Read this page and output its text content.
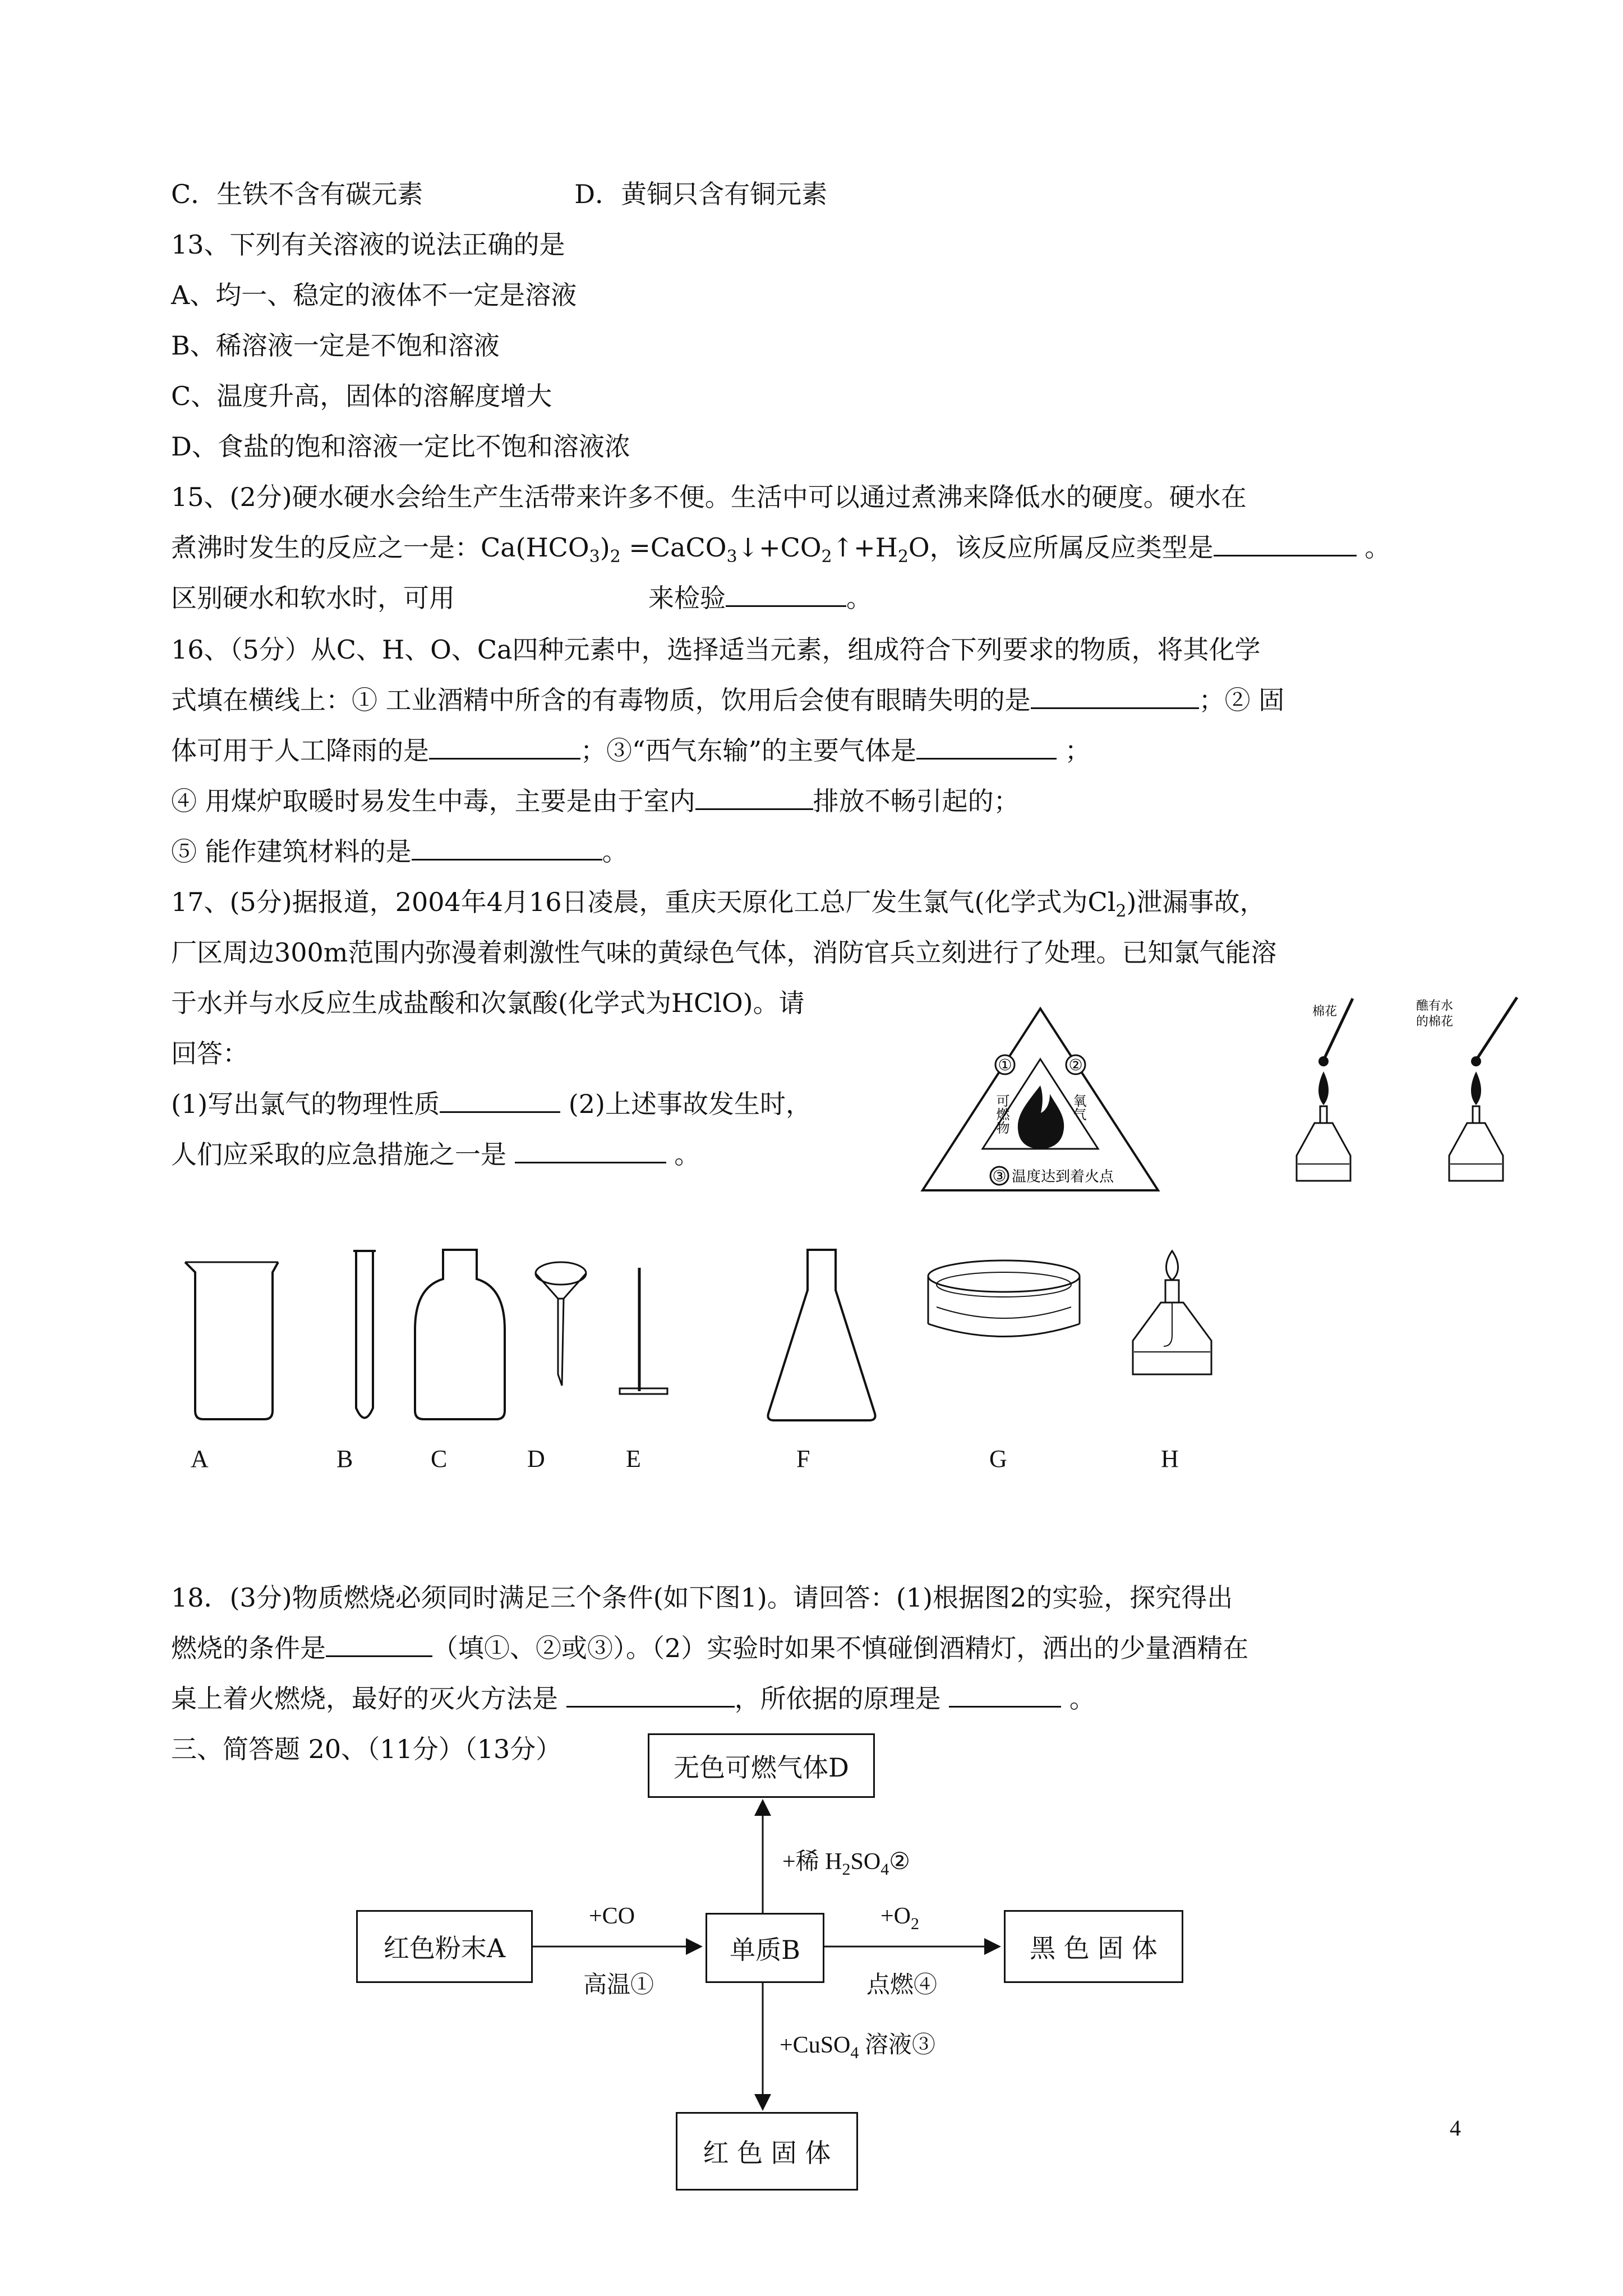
C．生铁不含有碳元素	D．黄铜只含有铜元素
13、下列有关溶液的说法正确的是
A、均一、稳定的液体不一定是溶液
B、稀溶液一定是不饱和溶液
C、温度升高，固体的溶解度增大
D、食盐的饱和溶液一定比不饱和溶液浓
15、(2分)硬水硬水会给生产生活带来许多不便。生活中可以通过煮沸来降低水的硬度。硬水在
煮沸时发生的反应之一是：$Ca(HCO_3)_2$ $=CaCO_3↓+CO_2↑+H_2O$，该反应所属反应类型是	。
区别硬水和软水时，可用	来检验	。
16、（5分）从C、H、O、Ca四种元素中，选择适当元素，组成符合下列要求的物质，将其化学
式填在横线上：① 工业酒精中所含的有毒物质，饮用后会使有眼睛失明的是	；② 固
体可用于人工降雨的是	；③“西气东输”的主要气体是	；
④ 用煤炉取暖时易发生中毒，主要是由于室内	排放不畅引起的；
⑤ 能作建筑材料的是	。
17、(5分)据报道，2004年4月16日凌晨，重庆天原化工总厂发生氯气(化学式为$Cl_2$)泄漏事故，
厂区周边300m范围内弥漫着刺激性气味的黄绿色气体，消防官兵立刻进行了处理。已知氯气能溶
于水并与水反应生成盐酸和次氯酸(化学式为HClO)。请
回答：
(1)写出氯气的物理性质	(2)上述事故发生时，
人们应采取的应急措施之一是	。
①	②
可燃物	氧气
③ 温度达到着火点
棉花	醮有水
的棉花
A	B	C	D	E	F	G	H
18．(3分)物质燃烧必须同时满足三个条件(如下图1)。请回答：(1)根据图2的实验，探究得出
燃烧的条件是	（填①、②或③）。（2）实验时如果不慎碰倒酒精灯，洒出的少量酒精在
桌上着火燃烧，最好的灭火方法是	，所依据的原理是	。
三、简答题 20、（11分）（13分）
无色可燃气体D
红色粉末A	单质B	黑 色 固 体
红 色 固 体
+CO
高温①
+稀 $H_2SO_4②$
$+O_2$
点燃④
+CuSO$_4$ 溶液③
4
